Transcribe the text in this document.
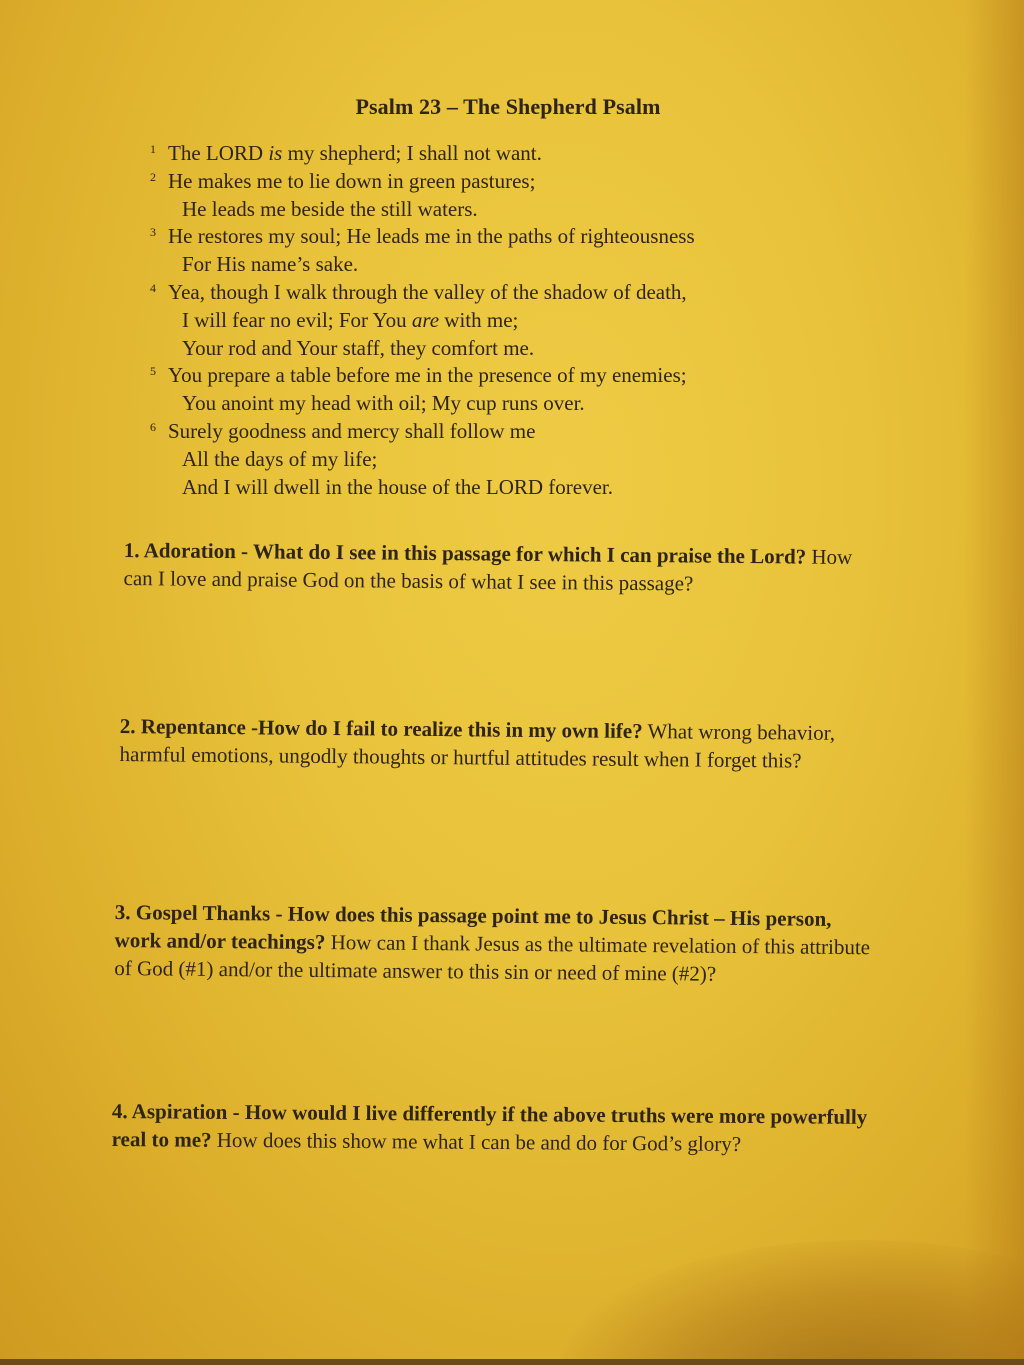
Psalm 23 – The Shepherd Psalm
1 The LORD is my shepherd; I shall not want.
2 He makes me to lie down in green pastures;
He leads me beside the still waters.
3 He restores my soul; He leads me in the paths of righteousness
For His name’s sake.
4 Yea, though I walk through the valley of the shadow of death,
I will fear no evil; For You are with me;
Your rod and Your staff, they comfort me.
5 You prepare a table before me in the presence of my enemies;
You anoint my head with oil; My cup runs over.
6 Surely goodness and mercy shall follow me
All the days of my life;
And I will dwell in the house of the LORD forever.
1. Adoration - What do I see in this passage for which I can praise the Lord? How can I love and praise God on the basis of what I see in this passage?
2. Repentance -How do I fail to realize this in my own life? What wrong behavior, harmful emotions, ungodly thoughts or hurtful attitudes result when I forget this?
3. Gospel Thanks - How does this passage point me to Jesus Christ – His person, work and/or teachings? How can I thank Jesus as the ultimate revelation of this attribute of God (#1) and/or the ultimate answer to this sin or need of mine (#2)?
4. Aspiration - How would I live differently if the above truths were more powerfully real to me? How does this show me what I can be and do for God’s glory?
